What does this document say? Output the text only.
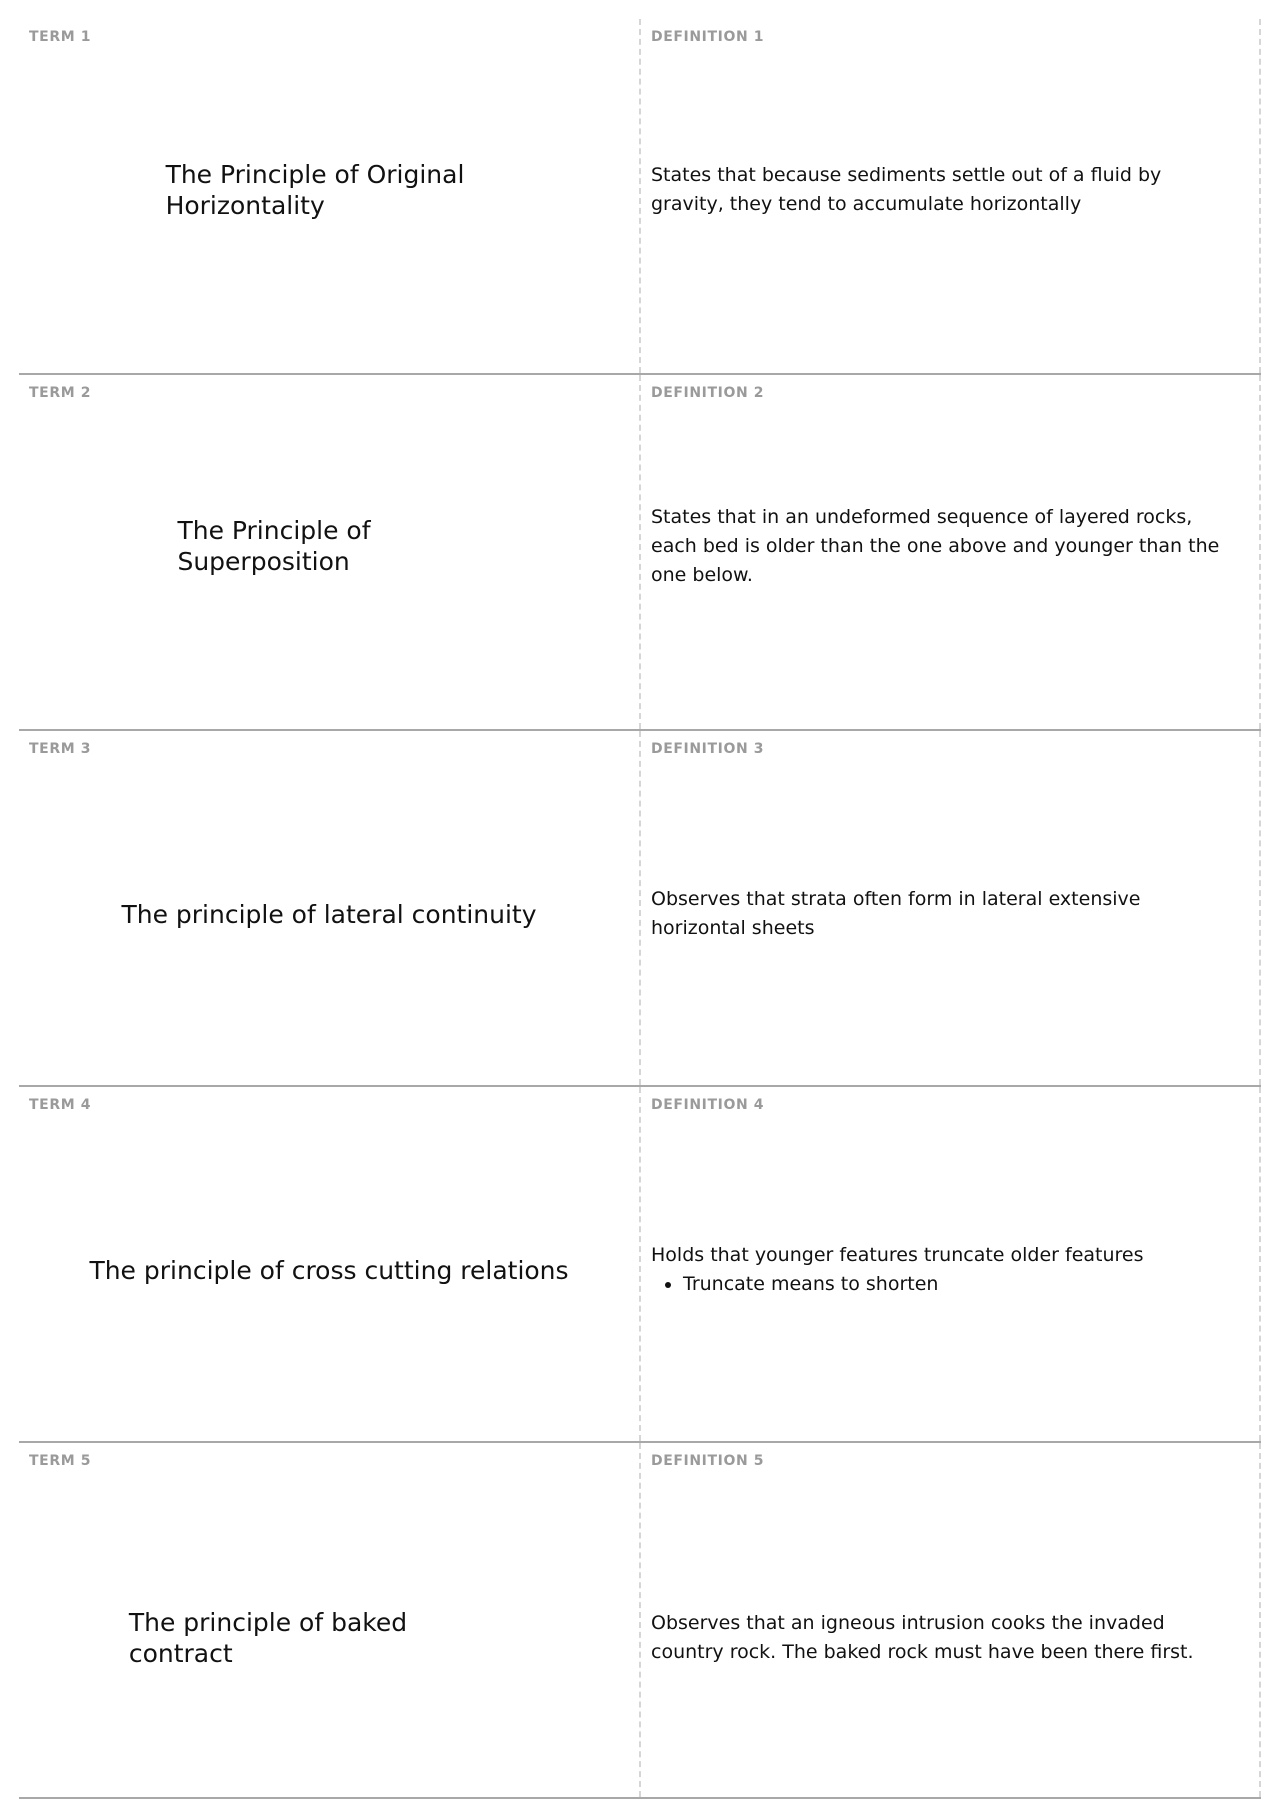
TERM 1
The Principle of Original
Horizontality
DEFINITION 1

States that because sediments settle out of a fluid by gravity, they tend to accumulate horizontally

TERM 2
The Principle of
Superposition
DEFINITION 2

States that in an undeformed sequence of layered rocks, each bed is older than the one above and younger than the one below.

TERM 3
The principle of lateral continuity
DEFINITION 3

Observes that strata often form in lateral extensive horizontal sheets

TERM 4
The principle of cross cutting relations
DEFINITION 4

Holds that younger features truncate older features

• Truncate means to shorten
TERM 5
The principle of baked
contract
DEFINITION 5

Observes that an igneous intrusion cooks the invaded country rock. The baked rock must have been there first.
